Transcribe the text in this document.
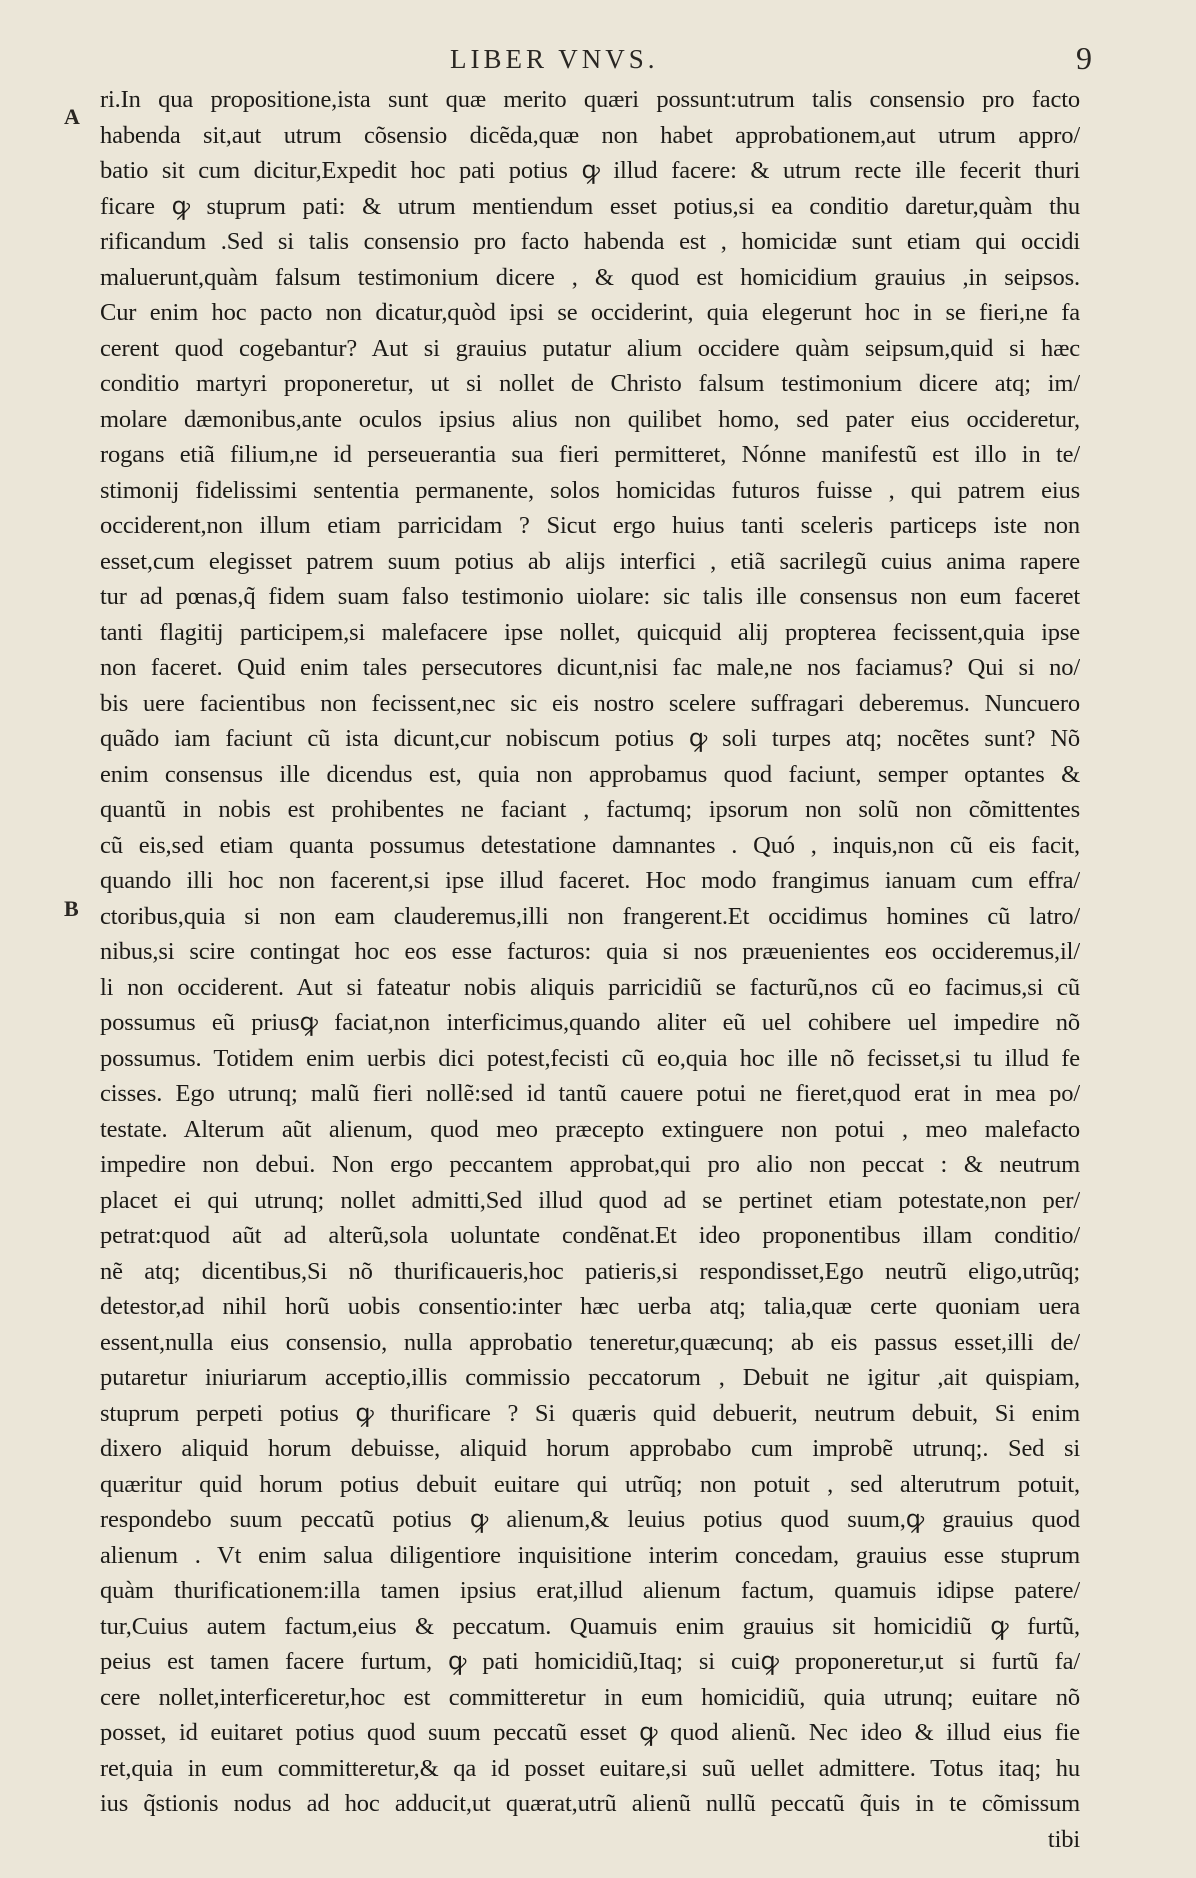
LIBER VNVS.	9
A
B
ri.In qua propositione,ista sunt quæ merito quæri possunt:utrum talis consensio pro facto
habenda sit,aut utrum cõsensio dicẽda,quæ non habet approbationem,aut utrum appro/
batio sit cum dicitur,Expedit hoc pati potius ꝙ illud facere: & utrum recte ille fecerit thuri
ficare ꝙ stuprum pati: & utrum mentiendum esset potius,si ea conditio daretur,quàm thu
rificandum .Sed si talis consensio pro facto habenda est , homicidæ sunt etiam qui occidi
maluerunt,quàm falsum testimonium dicere , & quod est homicidium grauius ,in seipsos.
Cur enim hoc pacto non dicatur,quòd ipsi se occiderint, quia elegerunt hoc in se fieri,ne fa
cerent quod cogebantur? Aut si grauius putatur alium occidere quàm seipsum,quid si hæc
conditio martyri proponeretur, ut si nollet de Christo falsum testimonium dicere atq; im/
molare dæmonibus,ante oculos ipsius alius non quilibet homo, sed pater eius occideretur,
rogans etiã filium,ne id perseuerantia sua fieri permitteret, Nónne manifestũ est illo in te/
stimonij fidelissimi sententia permanente, solos homicidas futuros fuisse , qui patrem eius
occiderent,non illum etiam parricidam ? Sicut ergo huius tanti sceleris particeps iste non
esset,cum elegisset patrem suum potius ab alijs interfici , etiã sacrilegũ cuius anima rapere
tur ad pœnas,q̃ fidem suam falso testimonio uiolare: sic talis ille consensus non eum faceret
tanti flagitij participem,si malefacere ipse nollet, quicquid alij propterea fecissent,quia ipse
non faceret. Quid enim tales persecutores dicunt,nisi fac male,ne nos faciamus? Qui si no/
bis uere facientibus non fecissent,nec sic eis nostro scelere suffragari deberemus. Nuncuero
quãdo iam faciunt cũ ista dicunt,cur nobiscum potius ꝙ soli turpes atq; nocẽtes sunt? Nõ
enim consensus ille dicendus est, quia non approbamus quod faciunt, semper optantes &
quantũ in nobis est prohibentes ne faciant , factumq; ipsorum non solũ non cõmittentes
cũ eis,sed etiam quanta possumus detestatione damnantes . Quó , inquis,non cũ eis facit,
quando illi hoc non facerent,si ipse illud faceret. Hoc modo frangimus ianuam cum effra/
ctoribus,quia si non eam clauderemus,illi non frangerent.Et occidimus homines cũ latro/
nibus,si scire contingat hoc eos esse facturos: quia si nos præuenientes eos occideremus,il/
li non occiderent. Aut si fateatur nobis aliquis parricidiũ se facturũ,nos cũ eo facimus,si cũ
possumus eũ priusꝙ faciat,non interficimus,quando aliter eũ uel cohibere uel impedire nõ
possumus. Totidem enim uerbis dici potest,fecisti cũ eo,quia hoc ille nõ fecisset,si tu illud fe
cisses. Ego utrunq; malũ fieri nollẽ:sed id tantũ cauere potui ne fieret,quod erat in mea po/
testate. Alterum aũt alienum, quod meo præcepto extinguere non potui , meo malefacto
impedire non debui. Non ergo peccantem approbat,qui pro alio non peccat : & neutrum
placet ei qui utrunq; nollet admitti,Sed illud quod ad se pertinet etiam potestate,non per/
petrat:quod aũt ad alterũ,sola uoluntate condẽnat.Et ideo proponentibus illam conditio/
nẽ atq; dicentibus,Si nõ thurificaueris,hoc patieris,si respondisset,Ego neutrũ eligo,utrũq;
detestor,ad nihil horũ uobis consentio:inter hæc uerba atq; talia,quæ certe quoniam uera
essent,nulla eius consensio, nulla approbatio teneretur,quæcunq; ab eis passus esset,illi de/
putaretur iniuriarum acceptio,illis commissio peccatorum , Debuit ne igitur ,ait quispiam,
stuprum perpeti potius ꝙ thurificare ? Si quæris quid debuerit, neutrum debuit, Si enim
dixero aliquid horum debuisse, aliquid horum approbabo cum improbẽ utrunq;. Sed si
quæritur quid horum potius debuit euitare qui utrũq; non potuit , sed alterutrum potuit,
respondebo suum peccatũ potius ꝙ alienum,& leuius potius quod suum,ꝙ grauius quod
alienum . Vt enim salua diligentiore inquisitione interim concedam, grauius esse stuprum
quàm thurificationem:illa tamen ipsius erat,illud alienum factum, quamuis idipse patere/
tur,Cuius autem factum,eius & peccatum. Quamuis enim grauius sit homicidiũ ꝙ furtũ,
peius est tamen facere furtum, ꝙ pati homicidiũ,Itaq; si cuiꝙ proponeretur,ut si furtũ fa/
cere nollet,interficeretur,hoc est committeretur in eum homicidiũ, quia utrunq; euitare nõ
posset, id euitaret potius quod suum peccatũ esset ꝙ quod alienũ. Nec ideo & illud eius fie
ret,quia in eum committeretur,& qa id posset euitare,si suũ uellet admittere. Totus itaq; hu
ius q̃stionis nodus ad hoc adducit,ut quærat,utrũ alienũ nullũ peccatũ q̃uis in te cõmissum
tibi
